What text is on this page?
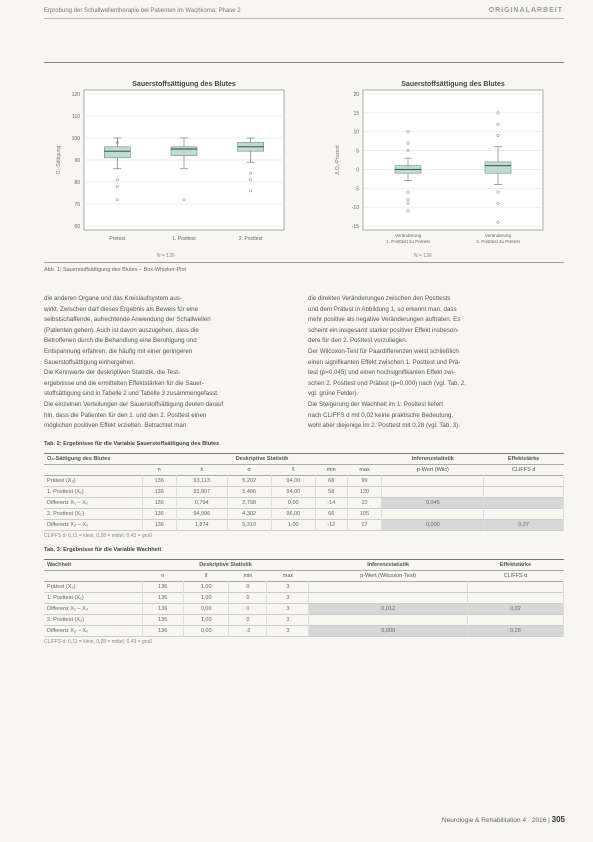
Erprobung der Schallwellentherapie bei Patienten im Wachkoma: Phase 2	ORIGINALARBEIT
Sauerstoffsättigung des Blutes
O₂-Sättigung
120
110
100
90
80
70
60
Pretest	1. Posttest	2. Posttest
Sauerstoffsättigung des Blutes
Δ O₂-Prozent
20
15
10
5
0
-5
-10
-15
Veränderung
1. Posttest zu Pretest
Veränderung
2. Posttest zu Pretest
N = 136	N = 136
Abb. 1: Sauerstoffsättigung des Blutes – Box-Whisker-Plot

die anderen Organe und das Kreislaufsystem aus-

wirkt. Zwischen darf dieses Ergebnis als Beweis für eine

selbstschaffende, aufrechtende Anwendung der Schallwellen

(Patienten gehen). Auch ist davon auszugehen, dass die

Betroffenen durch die Behandlung eine Beruhigung und

Entspannung erfahren, die häufig mit einer geringeren

Sauerstoffsättigung einhergehen.

Die Kennwerte der deskriptiven Statistik, die Test-

ergebnisse und die ermittelten Effektstärken für die Sauer-

stoffsättigung sind in Tabelle 2 und Tabelle 3 zusammengefasst.

Die einzelnen Verteilungen der Sauerstoffsättigung deuten darauf

hin, dass die Patienten für den 1. und den 2. Posttest einen

möglichen positiven Effekt erzielten. Betrachtet man

die direkten Veränderungen zwischen den Posttests

und dem Prätest in Abbildung 1, so erkennt man, dass

mehr positive als negative Veränderungen auftraten. Es

scheint ein insgesamt starker positiver Effekt insbeson-

dere für den 2. Posttest vorzuliegen.

Der Wilcoxon-Test für Paardifferenzen weist schließlich

einen signifikanten Effekt zwischen 1. Posttest und Prä-

test (p=0,045) und einen hochsignifikanten Effekt zwi-

schen 2. Posttest und Prätest (p=0,000) nach (vgl. Tab. 2,

vgl. grüne Felder).

Die Steigerung der Wachheit im 1. Posttest liefert

nach CLIFFS d mit 0,02 keine praktische Bedeutung,

wohl aber diejenige im 2. Posttest mit 0,28 (vgl. Tab. 3).

Tab. 2: Ergebnisse für die Variable Sauerstoffsättigung des Blutes
O₂-Sättigung des Blutes	Deskriptive Statistik						Inferenzstatistik	Effektstärke
	n	x̄	σ	x̃	min	max	p-Wert (Wilc)	CLIFFS d
Prätest (X₀)	136	93,113	5,202	94,00	68	99		
1. Posttest (X₁)	136	93,907	5,406	94,00	58	120		
Differenz X₁ – X₀	136	0,794	2,798	0,00	-14	22	0,045	
2. Posttest (X₂)	136	94,996	4,302	96,00	66	105		
Differenz X₂ – X₀	136	1,874	5,310	1,00	-12	27	0,000	0,27
CLIFFS d: 0,11 = klein, 0,28 = mittel, 0,43 = groß
Tab. 3: Ergebnisse für die Variable Wachheit
Wachheit	Deskriptive Statistik				Inferenzstatistik	Effektstärke
	n	x̃	min	max	p-Wert (Wilcoxon-Test)	CLIFFS d
Prätest (X₀)	136	1,00	0	3		
1. Posttest (X₁)	136	1,00	0	3		
Differenz X₁ – X₀	136	0,00	0	3	0,012	0,02
2. Posttest (X₂)	136	1,00	0	3		
Differenz X₂ – X₀	136	0,00	-2	3	0,000	0,28
CLIFFS d: 0,11 = klein, 0,28 = mittel, 0,43 = groß
Neurologie & Rehabilitation 4 · 2016 | 305
